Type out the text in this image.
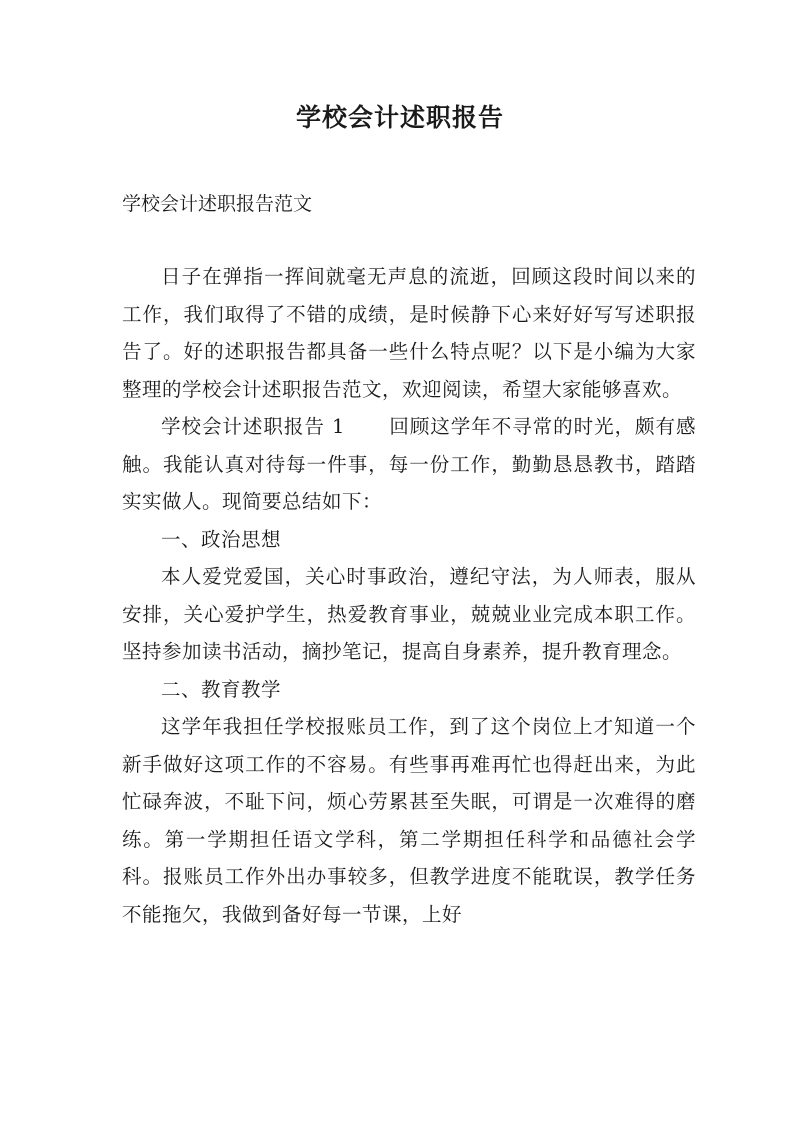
学校会计述职报告

学校会计述职报告范文

日子在弹指一挥间就毫无声息的流逝，回顾这段时间以来的工作，我们取得了不错的成绩，是时候静下心来好好写写述职报告了。好的述职报告都具备一些什么特点呢？以下是小编为大家整理的学校会计述职报告范文，欢迎阅读，希望大家能够喜欢。

学校会计述职报告 1 回顾这学年不寻常的时光，颇有感触。我能认真对待每一件事，每一份工作，勤勤恳恳教书，踏踏实实做人。现简要总结如下：

一、政治思想

本人爱党爱国，关心时事政治，遵纪守法，为人师表，服从安排，关心爱护学生，热爱教育事业，兢兢业业完成本职工作。坚持参加读书活动，摘抄笔记，提高自身素养，提升教育理念。

二、教育教学

这学年我担任学校报账员工作，到了这个岗位上才知道一个新手做好这项工作的不容易。有些事再难再忙也得赶出来，为此忙碌奔波，不耻下问，烦心劳累甚至失眠，可谓是一次难得的磨练。第一学期担任语文学科，第二学期担任科学和品德社会学科。报账员工作外出办事较多，但教学进度不能耽误，教学任务不能拖欠，我做到备好每一节课，上好
